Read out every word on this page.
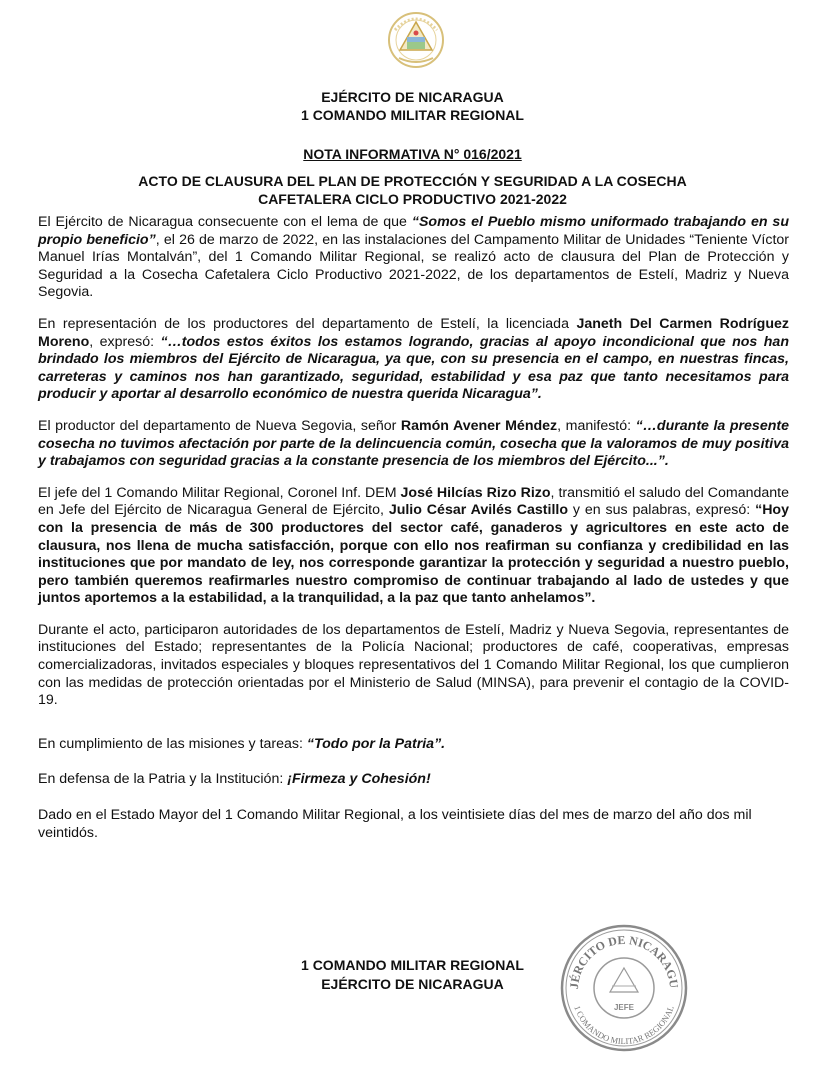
EJÉRCITO DE NICARAGUA
1 COMANDO MILITAR REGIONAL
NOTA INFORMATIVA N° 016/2021
ACTO DE CLAUSURA DEL PLAN DE PROTECCIÓN Y SEGURIDAD A LA COSECHA
CAFETALERA CICLO PRODUCTIVO 2021-2022

El Ejército de Nicaragua consecuente con el lema de que “Somos el Pueblo mismo uniformado trabajando en su propio beneficio”, el 26 de marzo de 2022, en las instalaciones del Campamento Militar de Unidades “Teniente Víctor Manuel Irías Montalván”, del 1 Comando Militar Regional, se realizó acto de clausura del Plan de Protección y Seguridad a la Cosecha Cafetalera Ciclo Productivo 2021-2022, de los departamentos de Estelí, Madriz y Nueva Segovia.

En representación de los productores del departamento de Estelí, la licenciada Janeth Del Carmen Rodríguez Moreno, expresó: “…todos estos éxitos los estamos logrando, gracias al apoyo incondicional que nos han brindado los miembros del Ejército de Nicaragua, ya que, con su presencia en el campo, en nuestras fincas, carreteras y caminos nos han garantizado, seguridad, estabilidad y esa paz que tanto necesitamos para producir y aportar al desarrollo económico de nuestra querida Nicaragua”.

El productor del departamento de Nueva Segovia, señor Ramón Avener Méndez, manifestó: “…durante la presente cosecha no tuvimos afectación por parte de la delincuencia común, cosecha que la valoramos de muy positiva y trabajamos con seguridad gracias a la constante presencia de los miembros del Ejército...”.

El jefe del 1 Comando Militar Regional, Coronel Inf. DEM José Hilcías Rizo Rizo, transmitió el saludo del Comandante en Jefe del Ejército de Nicaragua General de Ejército, Julio César Avilés Castillo y en sus palabras, expresó: “Hoy con la presencia de más de 300 productores del sector café, ganaderos y agricultores en este acto de clausura, nos llena de mucha satisfacción, porque con ello nos reafirman su confianza y credibilidad en las instituciones que por mandato de ley, nos corresponde garantizar la protección y seguridad a nuestro pueblo, pero también queremos reafirmarles nuestro compromiso de continuar trabajando al lado de ustedes y que juntos aportemos a la estabilidad, a la tranquilidad, a la paz que tanto anhelamos”.

Durante el acto, participaron autoridades de los departamentos de Estelí, Madriz y Nueva Segovia, representantes de instituciones del Estado; representantes de la Policía Nacional; productores de café, cooperativas, empresas comercializadoras, invitados especiales y bloques representativos del 1 Comando Militar Regional, los que cumplieron con las medidas de protección orientadas por el Ministerio de Salud (MINSA), para prevenir el contagio de la COVID-19.

En cumplimiento de las misiones y tareas: “Todo por la Patria”.

En defensa de la Patria y la Institución: ¡Firmeza y Cohesión!

Dado en el Estado Mayor del 1 Comando Militar Regional, a los veintisiete días del mes de marzo del año dos mil veintidós.

1 COMANDO MILITAR REGIONAL
EJÉRCITO DE NICARAGUA	JÉRCITO DE NICARAGU
1 COMANDO MILITAR REGIONAL
JEFE
